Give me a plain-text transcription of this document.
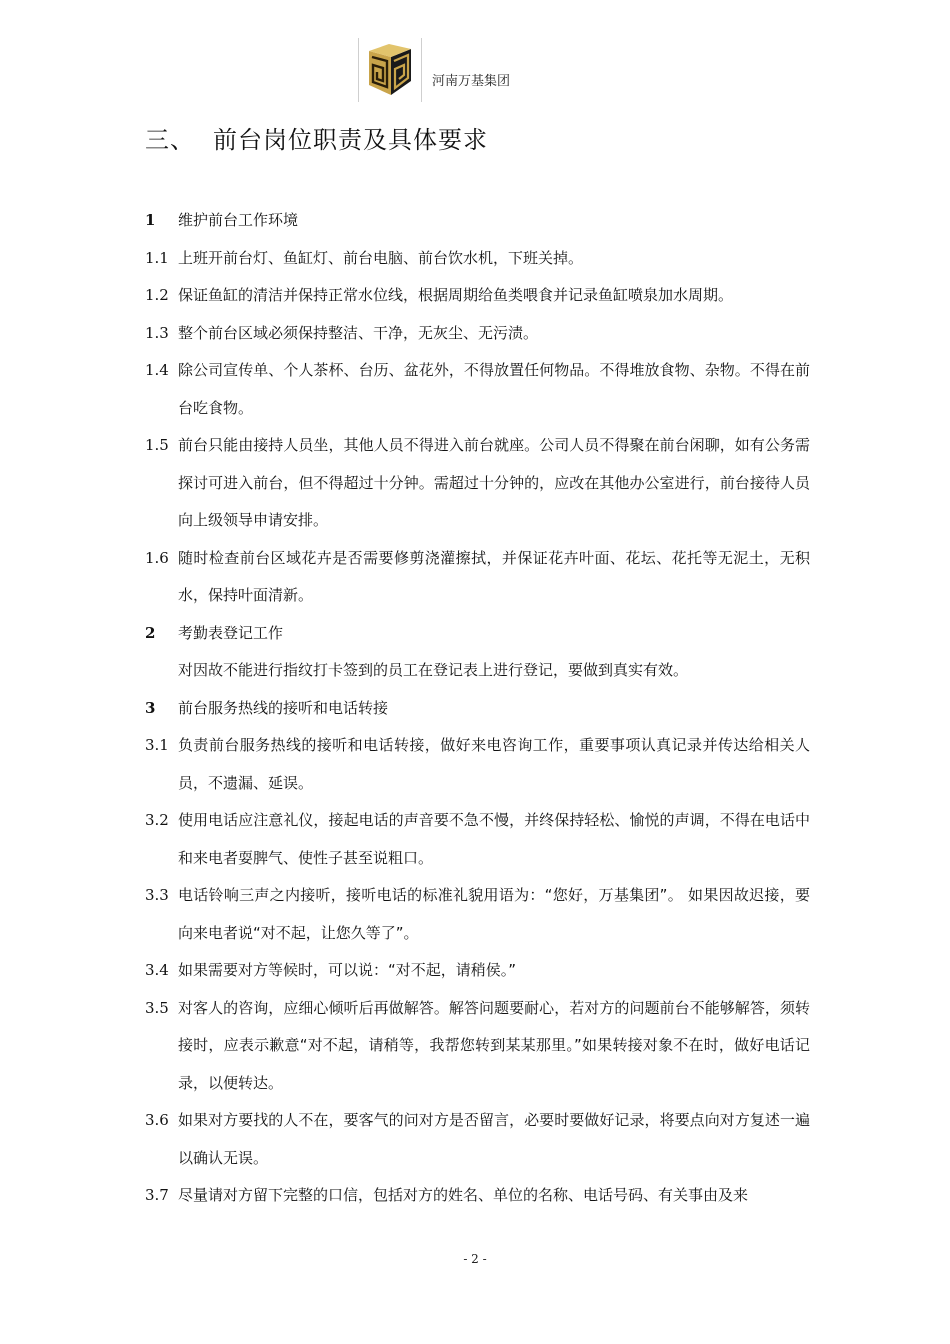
河南万基集团
三、 前台岗位职责及具体要求
1	维护前台工作环境
1.1 上班开前台灯、鱼缸灯、前台电脑、前台饮水机，下班关掉。
1.2 保证鱼缸的清洁并保持正常水位线，根据周期给鱼类喂食并记录鱼缸喷泉加水周期。
1.3 整个前台区域必须保持整洁、干净，无灰尘、无污渍。
1.4 除公司宣传单、个人茶杯、台历、盆花外，不得放置任何物品。不得堆放食物、杂物。不得在前台吃食物。
1.5 前台只能由接持人员坐，其他人员不得进入前台就座。公司人员不得聚在前台闲聊，如有公务需探讨可进入前台，但不得超过十分钟。需超过十分钟的，应改在其他办公室进行，前台接待人员向上级领导申请安排。
1.6 随时检查前台区域花卉是否需要修剪浇灌擦拭，并保证花卉叶面、花坛、花托等无泥土，无积水，保持叶面清新。
2	考勤表登记工作
对因故不能进行指纹打卡签到的员工在登记表上进行登记，要做到真实有效。
3	前台服务热线的接听和电话转接
3.1 负责前台服务热线的接听和电话转接，做好来电咨询工作，重要事项认真记录并传达给相关人员，不遗漏、延误。
3.2 使用电话应注意礼仪，接起电话的声音要不急不慢，并终保持轻松、愉悦的声调，不得在电话中和来电者耍脾气、使性子甚至说粗口。
3.3 电话铃响三声之内接听，接听电话的标准礼貌用语为：“您好，万基集团”。 如果因故迟接，要向来电者说“对不起，让您久等了”。
3.4 如果需要对方等候时，可以说：“对不起，请稍侯。”
3.5 对客人的咨询，应细心倾听后再做解答。解答问题要耐心，若对方的问题前台不能够解答，须转接时，应表示歉意“对不起，请稍等，我帮您转到某某那里。”如果转接对象不在时，做好电话记录，以便转达。
3.6 如果对方要找的人不在，要客气的问对方是否留言，必要时要做好记录，将要点向对方复述一遍以确认无误。
3.7 尽量请对方留下完整的口信，包括对方的姓名、单位的名称、电话号码、有关事由及来
- 2 -
